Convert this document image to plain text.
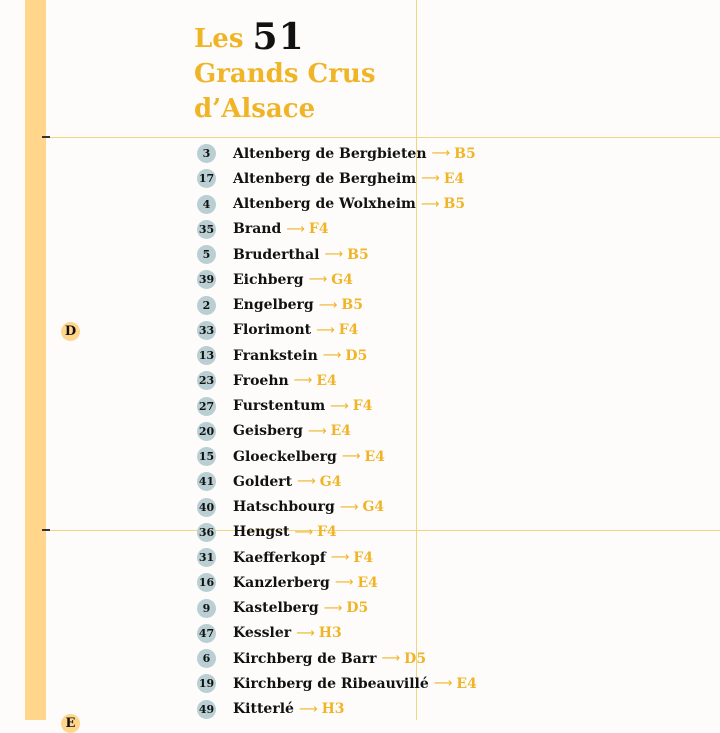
Les 51
Grands Crus
d’Alsace
D
E
3	Altenberg de Bergbieten ⟶ B5
17 Altenberg de Bergheim ⟶ E4
4	Altenberg de Wolxheim ⟶ B5
35 Brand ⟶ F4
5	Bruderthal ⟶ B5
39 Eichberg ⟶ G4
2	Engelberg ⟶ B5
33 Florimont ⟶ F4
13 Frankstein ⟶ D5
23 Froehn ⟶ E4
27 Furstentum ⟶ F4
20 Geisberg ⟶ E4
15 Gloeckelberg ⟶ E4
41 Goldert ⟶ G4
40 Hatschbourg ⟶ G4
36 Hengst ⟶ F4
31 Kaefferkopf ⟶ F4
16 Kanzlerberg ⟶ E4
9	Kastelberg ⟶ D5
47 Kessler ⟶ H3
6	Kirchberg de Barr ⟶ D5
19 Kirchberg de Ribeauvillé ⟶ E4
49 Kitterlé ⟶ H3
